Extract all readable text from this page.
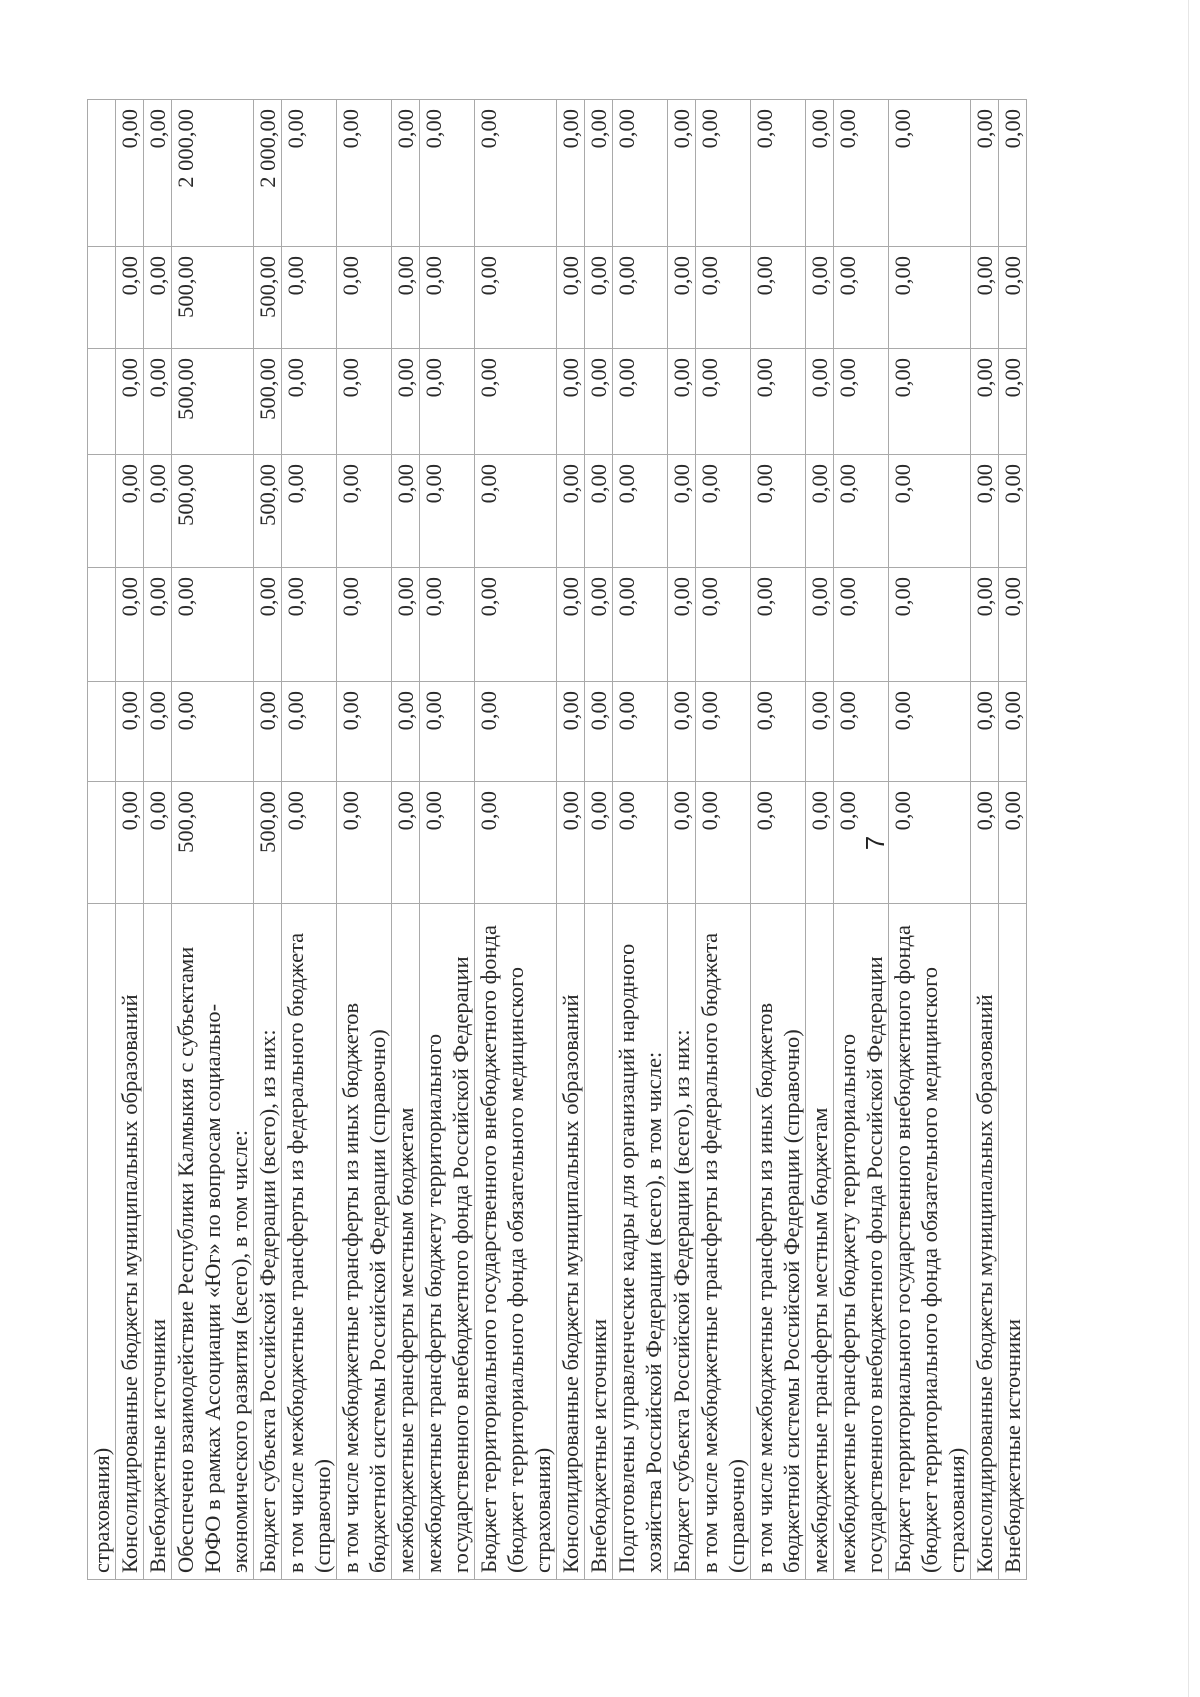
страхования)							

Консолидированные бюджеты муниципальных образований	0,00	0,00	0,00	0,00	0,00	0,00	0,00

Внебюджетные источники	0,00	0,00	0,00	0,00	0,00	0,00	0,00

Обеспечено взаимодействие Республики Калмыкия с субъектами ЮФО в рамках Ассоциации «Юг» по вопросам социально- экономического развития (всего), в том числе:	500,00	0,00	0,00	500,00	500,00	500,00	2 000,00

Бюджет субъекта Российской Федерации (всего), из них:	500,00	0,00	0,00	500,00	500,00	500,00	2 000,00

в том числе межбюджетные трансферты из федерального бюджета (справочно)	0,00	0,00	0,00	0,00	0,00	0,00	0,00

в том числе межбюджетные трансферты из иных бюджетов бюджетной системы Российской Федерации (справочно)	0,00	0,00	0,00	0,00	0,00	0,00	0,00

межбюджетные трансферты местным бюджетам	0,00	0,00	0,00	0,00	0,00	0,00	0,00

межбюджетные трансферты бюджету территориального государственного внебюджетного фонда Российской Федерации	0,00	0,00	0,00	0,00	0,00	0,00	0,00

Бюджет территориального государственного внебюджетного фонда (бюджет территориального фонда обязательного медицинского страхования)	0,00	0,00	0,00	0,00	0,00	0,00	0,00

Консолидированные бюджеты муниципальных образований	0,00	0,00	0,00	0,00	0,00	0,00	0,00

Внебюджетные источники	0,00	0,00	0,00	0,00	0,00	0,00	0,00

Подготовлены управленческие кадры для организаций народного хозяйства Российской Федерации (всего), в том числе:	0,00	0,00	0,00	0,00	0,00	0,00	0,00

Бюджет субъекта Российской Федерации (всего), из них:	0,00	0,00	0,00	0,00	0,00	0,00	0,00

в том числе межбюджетные трансферты из федерального бюджета (справочно)	0,00	0,00	0,00	0,00	0,00	0,00	0,00

в том числе межбюджетные трансферты из иных бюджетов бюджетной системы Российской Федерации (справочно)	0,00	0,00	0,00	0,00	0,00	0,00	0,00

межбюджетные трансферты местным бюджетам	0,00	0,00	0,00	0,00	0,00	0,00	0,00

межбюджетные трансферты бюджету территориального государственного внебюджетного фонда Российской Федерации	0,00	0,00	0,00	0,00	0,00	0,00	0,00

Бюджет территориального государственного внебюджетного фонда (бюджет территориального фонда обязательного медицинского страхования)	0,00	0,00	0,00	0,00	0,00	0,00	0,00

Консолидированные бюджеты муниципальных образований	0,00	0,00	0,00	0,00	0,00	0,00	0,00

Внебюджетные источники	0,00	0,00	0,00	0,00	0,00	0,00	0,00
7
